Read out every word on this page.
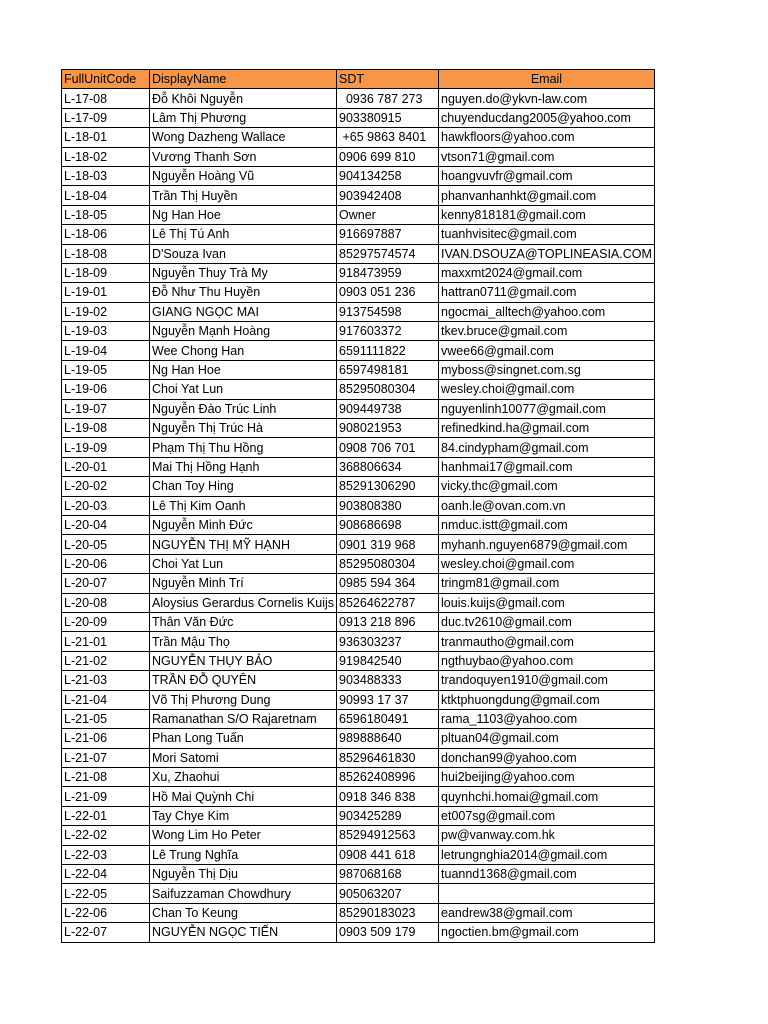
FullUnitCode	DisplayName	SDT	Email
L-17-08	Đỗ Khôi Nguyễn	0936 787 273	nguyen.do@ykvn-law.com
L-17-09	Lâm Thị Phương	903380915	chuyenducdang2005@yahoo.com
L-18-01	Wong Dazheng Wallace	+65 9863 8401	hawkfloors@yahoo.com
L-18-02	Vương Thanh Sơn	0906 699 810	vtson71@gmail.com
L-18-03	Nguyễn Hoàng Vũ	904134258	hoangvuvfr@gmail.com
L-18-04	Trần Thị Huyền	903942408	phanvanhanhkt@gmail.com
L-18-05	Ng Han Hoe	Owner	kenny818181@gmail.com
L-18-06	Lê Thị Tú Anh	916697887	tuanhvisitec@gmail.com
L-18-08	D'Souza Ivan	85297574574	IVAN.DSOUZA@TOPLINEASIA.COM
L-18-09	Nguyễn Thuy Trà My	918473959	maxxmt2024@gmail.com
L-19-01	Đỗ Như Thu Huyền	0903 051 236	hattran0711@gmail.com
L-19-02	GIANG NGỌC MAI	913754598	ngocmai_alltech@yahoo.com
L-19-03	Nguyễn Mạnh Hoàng	917603372	tkev.bruce@gmail.com
L-19-04	Wee Chong Han	6591111822	vwee66@gmail.com
L-19-05	Ng Han Hoe	6597498181	myboss@singnet.com.sg
L-19-06	Choi Yat Lun	85295080304	wesley.choi@gmail.com
L-19-07	Nguyễn Đào Trúc Linh	909449738	nguyenlinh10077@gmail.com
L-19-08	Nguyễn Thị Trúc Hà	908021953	refinedkind.ha@gmail.com
L-19-09	Phạm Thị Thu Hồng	0908 706 701	84.cindypham@gmail.com
L-20-01	Mai Thị Hồng Hạnh	368806634	hanhmai17@gmail.com
L-20-02	Chan Toy Hing	85291306290	vicky.thc@gmail.com
L-20-03	Lê Thị Kim Oanh	903808380	oanh.le@ovan.com.vn
L-20-04	Nguyễn Minh Đức	908686698	nmduc.istt@gmail.com
L-20-05	NGUYỄN THỊ MỸ HẠNH	0901 319 968	myhanh.nguyen6879@gmail.com
L-20-06	Choi Yat Lun	85295080304	wesley.choi@gmail.com
L-20-07	Nguyễn Minh Trí	0985 594 364	tringm81@gmail.com
L-20-08	Aloysius Gerardus Cornelis Kuijs	85264622787	louis.kuijs@gmail.com
L-20-09	Thân Văn Đức	0913 218 896	duc.tv2610@gmail.com
L-21-01	Trần Mậu Thọ	936303237	tranmautho@gmail.com
L-21-02	NGUYỄN THỤY BẢO	919842540	ngthuybao@yahoo.com
L-21-03	TRẦN ĐỖ QUYÊN	903488333	trandoquyen1910@gmail.com
L-21-04	Võ Thị Phương Dung	90993 17 37	ktktphuongdung@gmail.com
L-21-05	Ramanathan S/O Rajaretnam	6596180491	rama_1103@yahoo.com
L-21-06	Phan Long Tuấn	989888640	pltuan04@gmail.com
L-21-07	Mori Satomi	85296461830	donchan99@yahoo.com
L-21-08	Xu, Zhaohui	85262408996	hui2beijing@yahoo.com
L-21-09	Hồ Mai Quỳnh Chi	0918 346 838	quynhchi.homai@gmail.com
L-22-01	Tay Chye Kim	903425289	et007sg@gmail.com
L-22-02	Wong Lim Ho Peter	85294912563	pw@vanway.com.hk
L-22-03	Lê Trung Nghĩa	0908 441 618	letrungnghia2014@gmail.com
L-22-04	Nguyễn Thị Dịu	987068168	tuannd1368@gmail.com
L-22-05	Saifuzzaman Chowdhury	905063207	
L-22-06	Chan To Keung	85290183023	eandrew38@gmail.com
L-22-07	NGUYỄN NGỌC TIẾN	0903 509 179	ngoctien.bm@gmail.com
